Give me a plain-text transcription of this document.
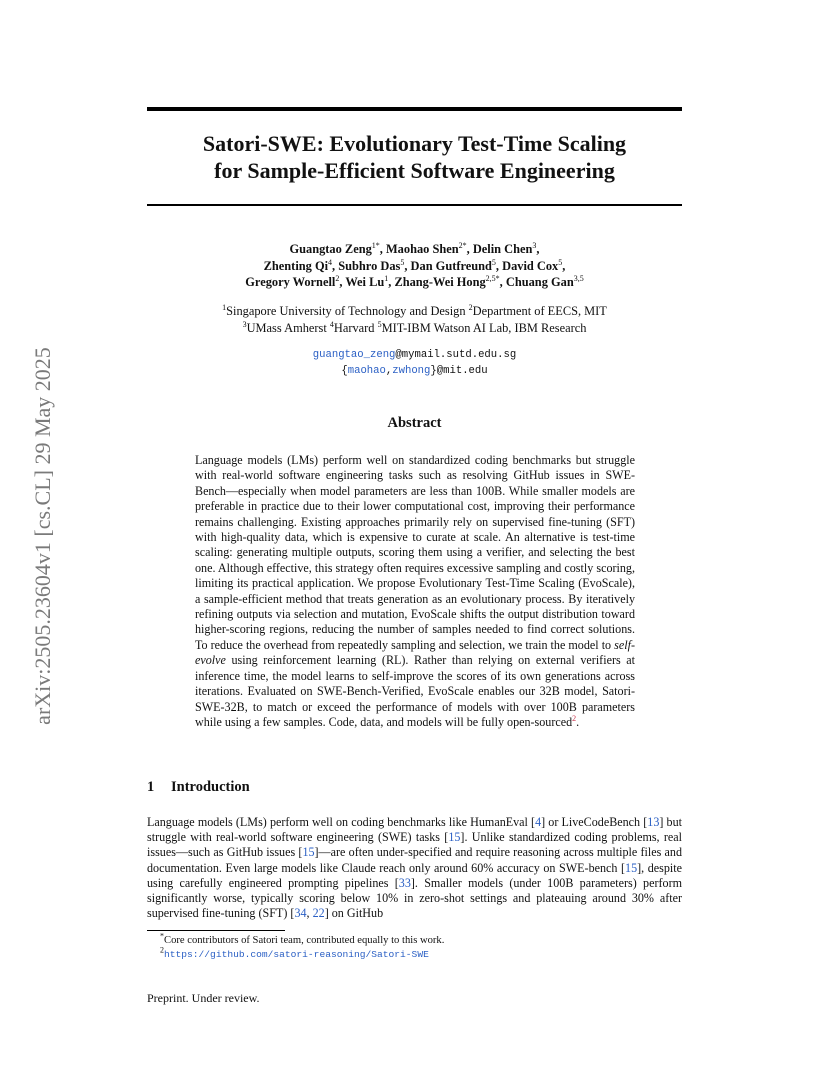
arXiv:2505.23604v1 [cs.CL] 29 May 2025
Satori-SWE: Evolutionary Test-Time Scaling
for Sample-Efficient Software Engineering
Guangtao Zeng$^{1*}$, Maohao Shen$^{2*}$, Delin Chen$^3$,
Zhenting Qi$^4$, Subhro Das$^5$, Dan Gutfreund$^5$, David Cox$^5$,
Gregory Wornell$^2$, Wei Lu$^1$, Zhang-Wei Hong$^{2,5*}$, Chuang Gan$^{3,5}$
$^1$Singapore University of Technology and Design $^2$Department of EECS, MIT
$^3$UMass Amherst $^4$Harvard $^5$MIT-IBM Watson AI Lab, IBM Research
guangtao_zeng@mymail.sutd.edu.sg
{maohao,zwhong}@mit.edu
Abstract
Language models (LMs) perform well on standardized coding benchmarks but struggle with real-world software engineering tasks such as resolving GitHub issues in SWE-Bench—especially when model parameters are less than 100B. While smaller models are preferable in practice due to their lower computational cost, improving their performance remains challenging. Existing approaches primarily rely on supervised fine-tuning (SFT) with high-quality data, which is expensive to curate at scale. An alternative is test-time scaling: generating multiple outputs, scoring them using a verifier, and selecting the best one. Although effective, this strategy often requires excessive sampling and costly scoring, limiting its practical application. We propose Evolutionary Test-Time Scaling (EvoScale), a sample-efficient method that treats generation as an evolutionary process. By iteratively refining outputs via selection and mutation, EvoScale shifts the output distribution toward higher-scoring regions, reducing the number of samples needed to find correct solutions. To reduce the overhead from repeatedly sampling and selection, we train the model to self-evolve using reinforcement learning (RL). Rather than relying on external verifiers at inference time, the model learns to self-improve the scores of its own generations across iterations. Evaluated on SWE-Bench-Verified, EvoScale enables our 32B model, Satori-SWE-32B, to match or exceed the performance of models with over 100B parameters while using a few samples. Code, data, and models will be fully open-sourced$^2$.
1 Introduction
Language models (LMs) perform well on coding benchmarks like HumanEval [4] or LiveCodeBench [13] but struggle with real-world software engineering (SWE) tasks [15]. Unlike standardized coding problems, real issues—such as GitHub issues [15]—are often under-specified and require reasoning across multiple files and documentation. Even large models like Claude reach only around 60% accuracy on SWE-bench [15], despite using carefully engineered prompting pipelines [33]. Smaller models (under 100B parameters) perform significantly worse, typically scoring below 10% in zero-shot settings and plateauing around 30% after supervised fine-tuning (SFT) [34, 22] on GitHub
*Core contributors of Satori team, contributed equally to this work.
$^2$https://github.com/satori-reasoning/Satori-SWE
Preprint. Under review.
